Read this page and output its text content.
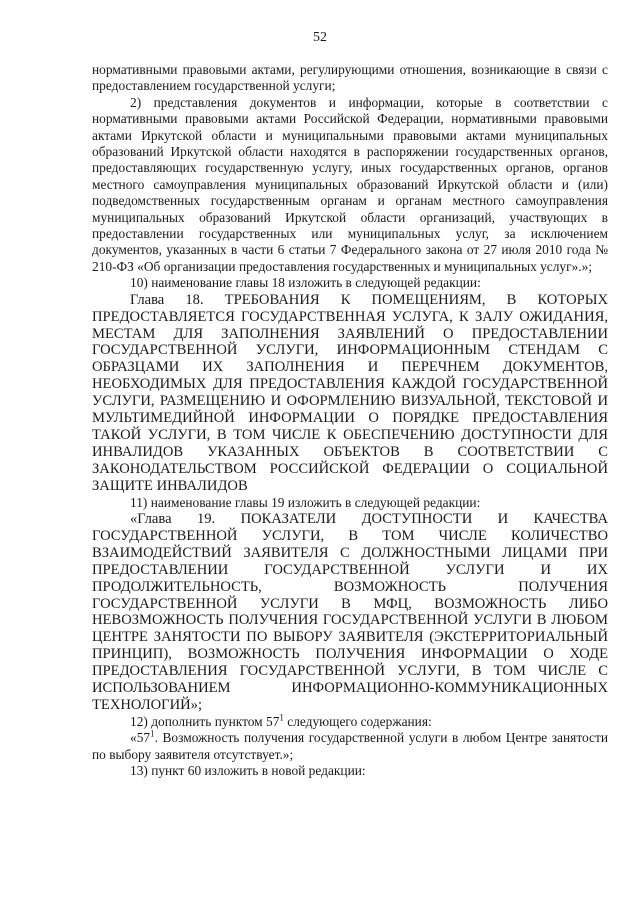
52

нормативными правовыми актами, регулирующими отношения, возникающие в связи с предоставлением государственной услуги;

2) представления документов и информации, которые в соответствии с нормативными правовыми актами Российской Федерации, нормативными правовыми актами Иркутской области и муниципальными правовыми актами муниципальных образований Иркутской области находятся в распоряжении государственных органов, предоставляющих государственную услугу, иных государственных органов, органов местного самоуправления муниципальных образований Иркутской области и (или) подведомственных государственным органам и органам местного самоуправления муниципальных образований Иркутской области организаций, участвующих в предоставлении государственных или муниципальных услуг, за исключением документов, указанных в части 6 статьи 7 Федерального закона от 27 июля 2010 года № 210-ФЗ «Об организации предоставления государственных и муниципальных услуг».»;

10) наименование главы 18 изложить в следующей редакции:

Глава 18. ТРЕБОВАНИЯ К ПОМЕЩЕНИЯМ, В КОТОРЫХ ПРЕДОСТАВЛЯЕТСЯ ГОСУДАРСТВЕННАЯ УСЛУГА, К ЗАЛУ ОЖИДАНИЯ, МЕСТАМ ДЛЯ ЗАПОЛНЕНИЯ ЗАЯВЛЕНИЙ О ПРЕДОСТАВЛЕНИИ ГОСУДАРСТВЕННОЙ УСЛУГИ, ИНФОРМАЦИОННЫМ СТЕНДАМ С ОБРАЗЦАМИ ИХ ЗАПОЛНЕНИЯ И ПЕРЕЧНЕМ ДОКУМЕНТОВ, НЕОБХОДИМЫХ ДЛЯ ПРЕДОСТАВЛЕНИЯ КАЖДОЙ ГОСУДАРСТВЕННОЙ УСЛУГИ, РАЗМЕЩЕНИЮ И ОФОРМЛЕНИЮ ВИЗУАЛЬНОЙ, ТЕКСТОВОЙ И МУЛЬТИМЕДИЙНОЙ ИНФОРМАЦИИ О ПОРЯДКЕ ПРЕДОСТАВЛЕНИЯ ТАКОЙ УСЛУГИ, В ТОМ ЧИСЛЕ К ОБЕСПЕЧЕНИЮ ДОСТУПНОСТИ ДЛЯ ИНВАЛИДОВ УКАЗАННЫХ ОБЪЕКТОВ В СООТВЕТСТВИИ С ЗАКОНОДАТЕЛЬСТВОМ РОССИЙСКОЙ ФЕДЕРАЦИИ О СОЦИАЛЬНОЙ ЗАЩИТЕ ИНВАЛИДОВ

11) наименование главы 19 изложить в следующей редакции:

«Глава 19. ПОКАЗАТЕЛИ ДОСТУПНОСТИ И КАЧЕСТВА ГОСУДАРСТВЕННОЙ УСЛУГИ, В ТОМ ЧИСЛЕ КОЛИЧЕСТВО ВЗАИМОДЕЙСТВИЙ ЗАЯВИТЕЛЯ С ДОЛЖНОСТНЫМИ ЛИЦАМИ ПРИ ПРЕДОСТАВЛЕНИИ ГОСУДАРСТВЕННОЙ УСЛУГИ И ИХ ПРОДОЛЖИТЕЛЬНОСТЬ, ВОЗМОЖНОСТЬ ПОЛУЧЕНИЯ ГОСУДАРСТВЕННОЙ УСЛУГИ В МФЦ, ВОЗМОЖНОСТЬ ЛИБО НЕВОЗМОЖНОСТЬ ПОЛУЧЕНИЯ ГОСУДАРСТВЕННОЙ УСЛУГИ В ЛЮБОМ ЦЕНТРЕ ЗАНЯТОСТИ ПО ВЫБОРУ ЗАЯВИТЕЛЯ (ЭКСТЕРРИТОРИАЛЬНЫЙ ПРИНЦИП), ВОЗМОЖНОСТЬ ПОЛУЧЕНИЯ ИНФОРМАЦИИ О ХОДЕ ПРЕДОСТАВЛЕНИЯ ГОСУДАРСТВЕННОЙ УСЛУГИ, В ТОМ ЧИСЛЕ С ИСПОЛЬЗОВАНИЕМ ИНФОРМАЦИОННО-КОММУНИКАЦИОННЫХ ТЕХНОЛОГИЙ»;

12) дополнить пунктом $57^1$ следующего содержания:

«$57^1$. Возможность получения государственной услуги в любом Центре занятости по выбору заявителя отсутствует.»;

13) пункт 60 изложить в новой редакции:
